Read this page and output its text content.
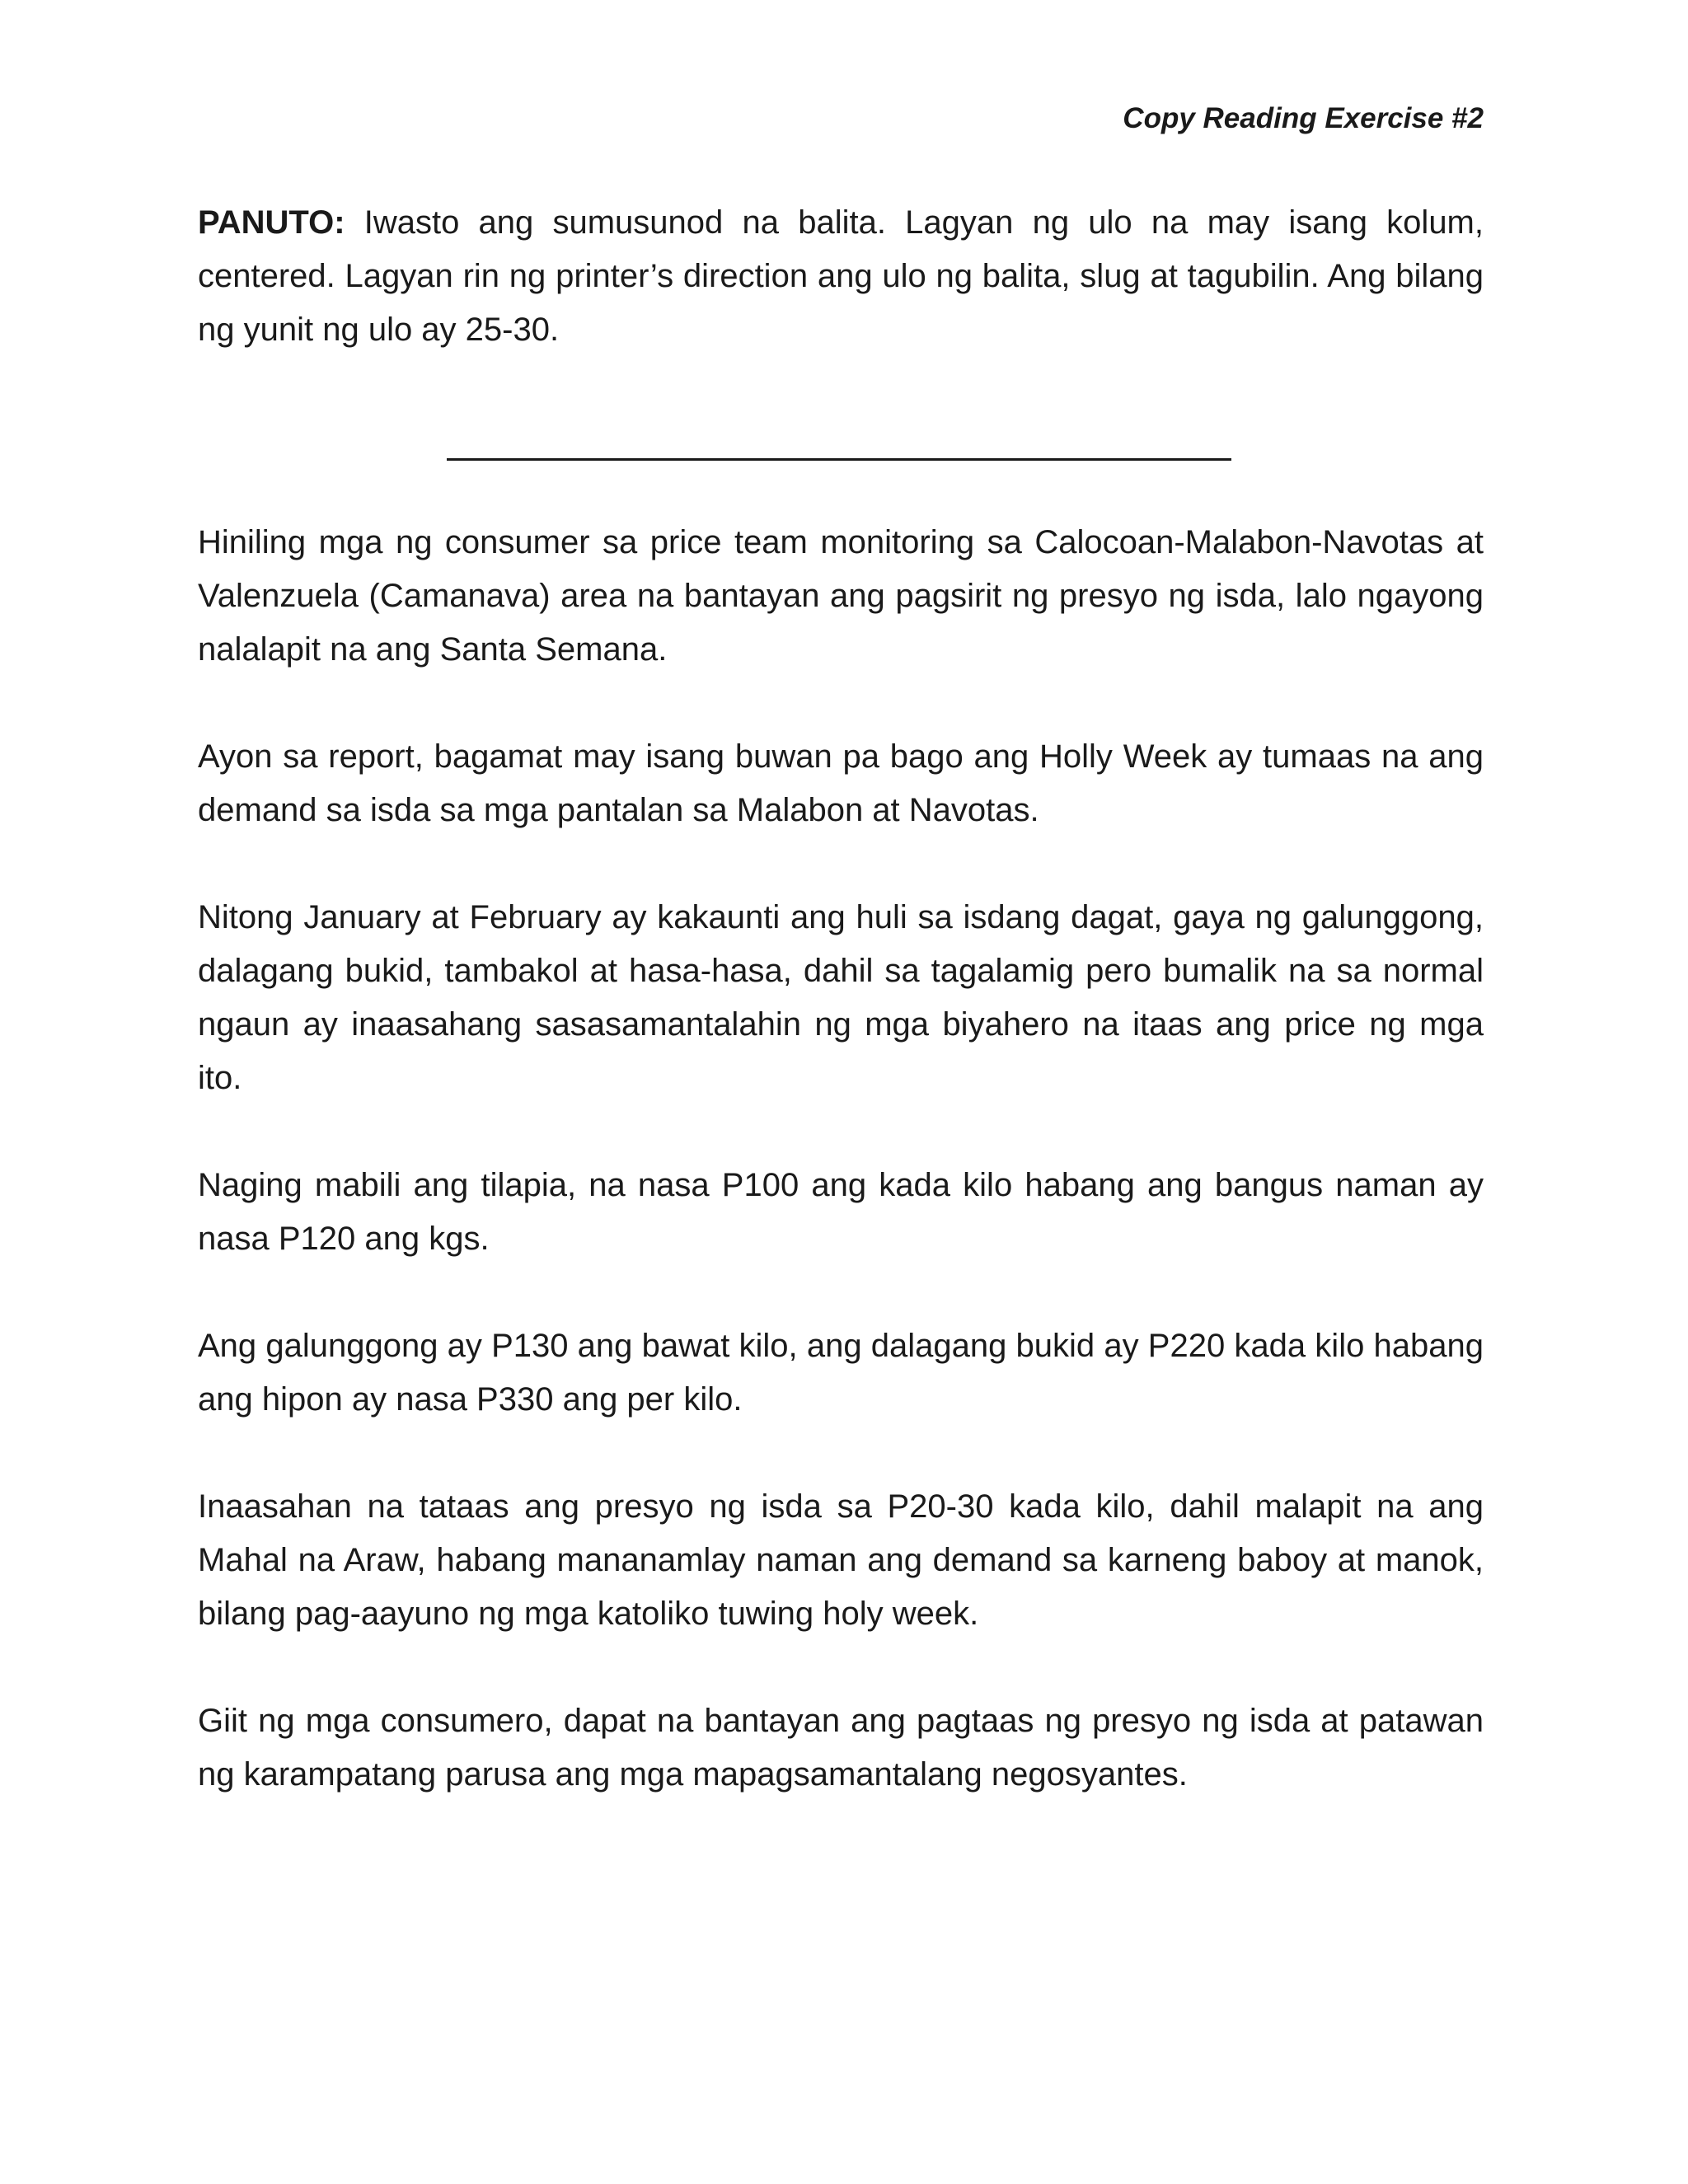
Copy Reading Exercise #2
PANUTO: Iwasto ang sumusunod na balita. Lagyan ng ulo na may isang kolum, centered. Lagyan rin ng printer’s direction ang ulo ng balita, slug at tagubilin. Ang bilang ng yunit ng ulo ay 25-30.

Hiniling mga ng consumer sa price team monitoring sa Calocoan-Malabon-Navotas at Valenzuela (Camanava) area na bantayan ang pagsirit ng presyo ng isda, lalo ngayong nalalapit na ang Santa Semana.

Ayon sa report, bagamat may isang buwan pa bago ang Holly Week ay tumaas na ang demand sa isda sa mga pantalan sa Malabon at Navotas.

Nitong January at February ay kakaunti ang huli sa isdang dagat, gaya ng galunggong, dalagang bukid, tambakol at hasa-hasa, dahil sa tagalamig pero bumalik na sa normal ngaun ay inaasahang sasasamantalahin ng mga biyahero na itaas ang price ng mga ito.

Naging mabili ang tilapia, na nasa P100 ang kada kilo habang ang bangus naman ay nasa P120 ang kgs.

Ang galunggong ay P130 ang bawat kilo, ang dalagang bukid ay P220 kada kilo habang ang hipon ay nasa P330 ang per kilo.

Inaasahan na tataas ang presyo ng isda sa P20-30 kada kilo, dahil malapit na ang Mahal na Araw, habang mananamlay naman ang demand sa karneng baboy at manok, bilang pag-aayuno ng mga katoliko tuwing holy week.

Giit ng mga consumero, dapat na bantayan ang pagtaas ng presyo ng isda at patawan ng karampatang parusa ang mga mapagsamantalang negosyantes.
